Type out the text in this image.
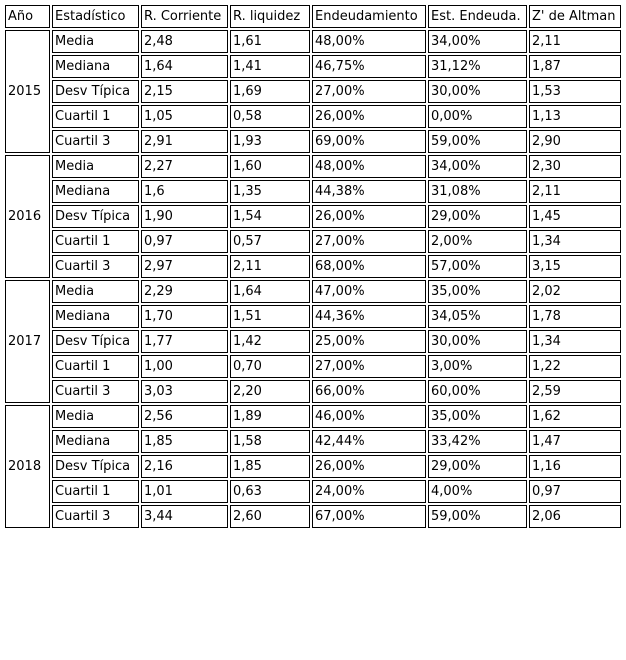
Año	Estadístico	R. Corriente	R. liquidez	Endeudamiento	Est. Endeuda.	Z' de Altman
2015	Media	2,48	1,61	48,00%	34,00%	2,11
	Mediana	1,64	1,41	46,75%	31,12%	1,87
	Desv Típica	2,15	1,69	27,00%	30,00%	1,53
	Cuartil 1	1,05	0,58	26,00%	0,00%	1,13
	Cuartil 3	2,91	1,93	69,00%	59,00%	2,90
2016	Media	2,27	1,60	48,00%	34,00%	2,30
	Mediana	1,6	1,35	44,38%	31,08%	2,11
	Desv Típica	1,90	1,54	26,00%	29,00%	1,45
	Cuartil 1	0,97	0,57	27,00%	2,00%	1,34
	Cuartil 3	2,97	2,11	68,00%	57,00%	3,15
2017	Media	2,29	1,64	47,00%	35,00%	2,02
	Mediana	1,70	1,51	44,36%	34,05%	1,78
	Desv Típica	1,77	1,42	25,00%	30,00%	1,34
	Cuartil 1	1,00	0,70	27,00%	3,00%	1,22
	Cuartil 3	3,03	2,20	66,00%	60,00%	2,59
2018	Media	2,56	1,89	46,00%	35,00%	1,62
	Mediana	1,85	1,58	42,44%	33,42%	1,47
	Desv Típica	2,16	1,85	26,00%	29,00%	1,16
	Cuartil 1	1,01	0,63	24,00%	4,00%	0,97
	Cuartil 3	3,44	2,60	67,00%	59,00%	2,06
